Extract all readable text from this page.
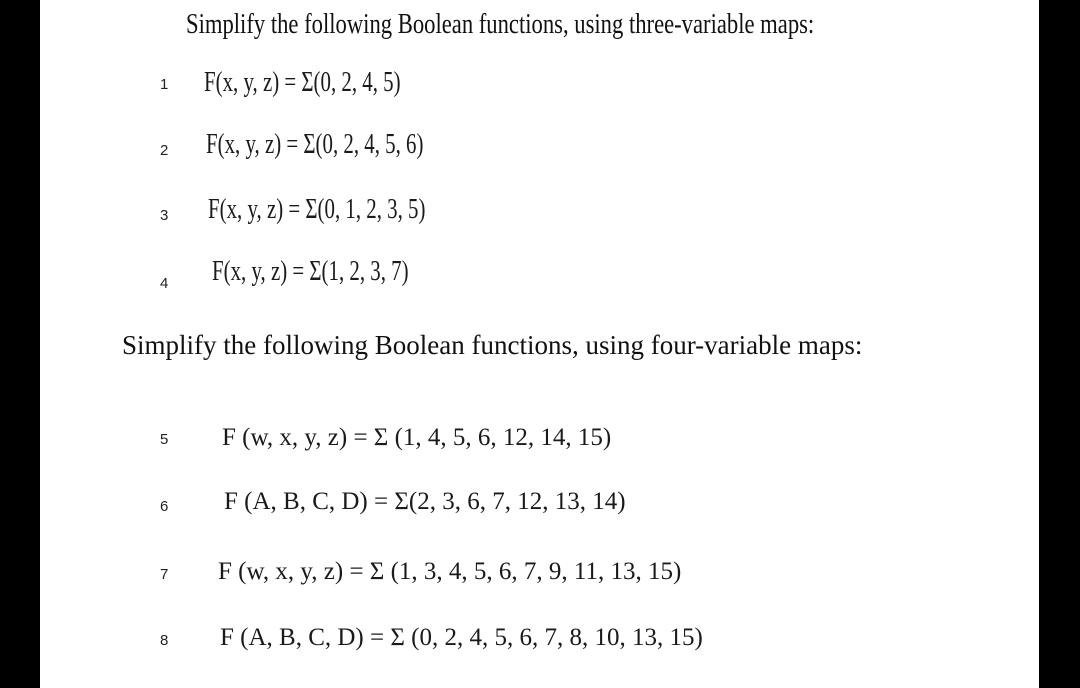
Simplify the following Boolean functions, using three-variable maps:
1 F(x, y, z) = Σ(0, 2, 4, 5)
2 F(x, y, z) = Σ(0, 2, 4, 5, 6)
3 F(x, y, z) = Σ(0, 1, 2, 3, 5)
4 F(x, y, z) = Σ(1, 2, 3, 7)
Simplify the following Boolean functions, using four-variable maps:
5 F (w, x, y, z) = Σ (1, 4, 5, 6, 12, 14, 15)
6 F (A, B, C, D) = Σ(2, 3, 6, 7, 12, 13, 14)
7 F (w, x, y, z) = Σ (1, 3, 4, 5, 6, 7, 9, 11, 13, 15)
8 F (A, B, C, D) = Σ (0, 2, 4, 5, 6, 7, 8, 10, 13, 15)
